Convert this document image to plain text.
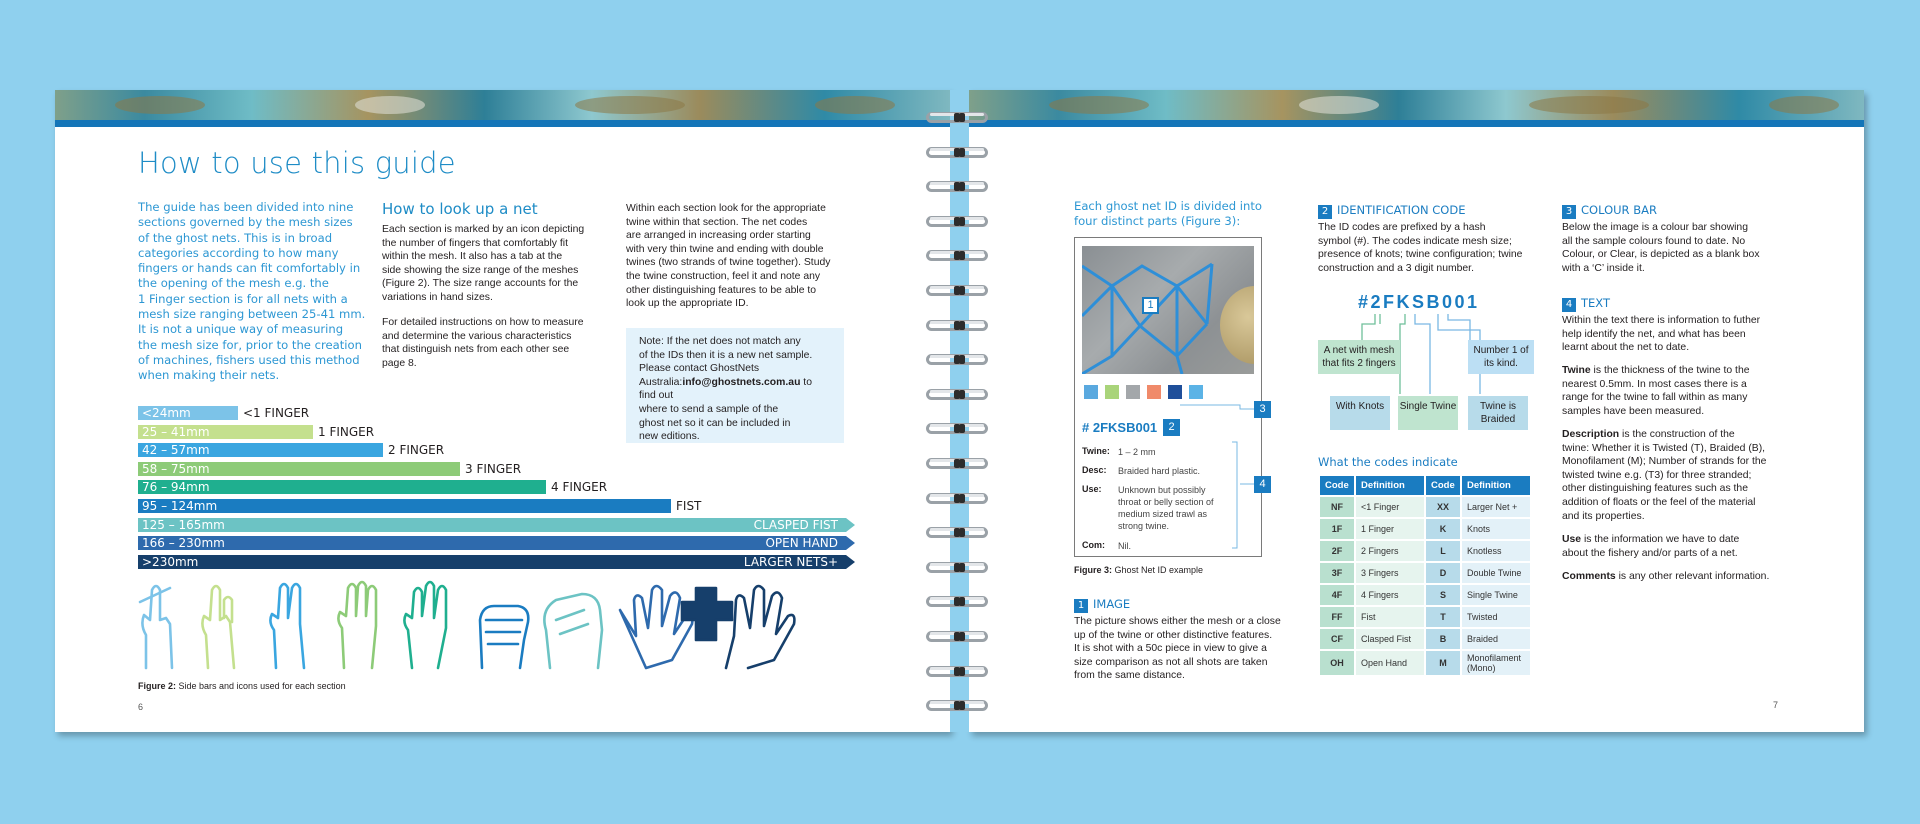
How to use this guide
The guide has been divided into nine
sections governed by the mesh sizes
of the ghost nets. This is in broad
categories according to how many
fingers or hands can fit comfortably in
the opening of the mesh e.g. the
1 Finger section is for all nets with a
mesh size ranging between 25-41 mm.
It is not a unique way of measuring
the mesh size for, prior to the creation
of machines, fishers used this method
when making their nets.
How to look up a net
Each section is marked by an icon depicting
the number of fingers that comfortably fit
within the mesh. It also has a tab at the
side showing the size range of the meshes
(Figure 2). The size range accounts for the
variations in hand sizes.
For detailed instructions on how to measure
and determine the various characteristics
that distinguish nets from each other see
page 8.
Within each section look for the appropriate
twine within that section. The net codes
are arranged in increasing order starting
with very thin twine and ending with double
twines (two strands of twine together). Study
the twine construction, feel it and note any
other distinguishing features to be able to
look up the appropriate ID.
Note: If the net does not match any
of the IDs then it is a new net sample.
Please contact GhostNets Australia:info@ghostnets.com.au to find out
where to send a sample of the
ghost net so it can be included in
new editions.
<24mm	<1 FINGER
25 – 41mm	1 FINGER
42 – 57mm	2 FINGER
58 – 75mm	3 FINGER
76 – 94mm	4 FINGER
95 – 124mm	FIST
125 – 165mm	CLASPED FIST
166 – 230mm	OPEN HAND
>230mm	LARGER NETS+
Figure 2: Side bars and icons used for each section
6
Each ghost net ID is divided into
four distinct parts (Figure 3):
1
# 2FKSB001	2
3
4
Twine: 1 – 2 mm
Desc: Braided hard plastic.
Use: Unknown but possibly
throat or belly section of
medium sized trawl as
strong twine.
Com: Nil.
Figure 3: Ghost Net ID example
1 IMAGE
The picture shows either the mesh or a close
up of the twine or other distinctive features.
It is shot with a 50c piece in view to give a
size comparison as not all shots are taken
from the same distance.
2 IDENTIFICATION CODE
The ID codes are prefixed by a hash
symbol (#). The codes indicate mesh size;
presence of knots; twine configuration; twine
construction and a 3 digit number.
#2FKSB001
A net with mesh that fits 2 fingers
Number 1 of its kind.
With Knots	Single Twine	Twine is Braided
What the codes indicate
Code	Definition	Code	Definition
NF	<1 Finger	XX	Larger Net +
1F	1 Finger	K	Knots
2F	2 Fingers	L	Knotless
3F	3 Fingers	D	Double Twine
4F	4 Fingers	S	Single Twine
FF	Fist	T	Twisted
CF	Clasped Fist	B	Braided
OH	Open Hand	M	Monofilament
(Mono)
3 COLOUR BAR
Below the image is a colour bar showing
all the sample colours found to date. No
Colour, or Clear, is depicted as a blank box
with a ‘C’ inside it.
4 TEXT
Within the text there is information to futher
help identify the net, and what has been
learnt about the net to date.
Twine is the thickness of the twine to the
nearest 0.5mm. In most cases there is a
range for the twine to fall within as many
samples have been measured.
Description is the construction of the
twine: Whether it is Twisted (T), Braided (B),
Monofilament (M); Number of strands for the
twisted twine e.g. (T3) for three stranded;
other distinguishing features such as the
addition of floats or the feel of the material
and its properties.
Use is the information we have to date
about the fishery and/or parts of a net.
Comments is any other relevant information.
7
